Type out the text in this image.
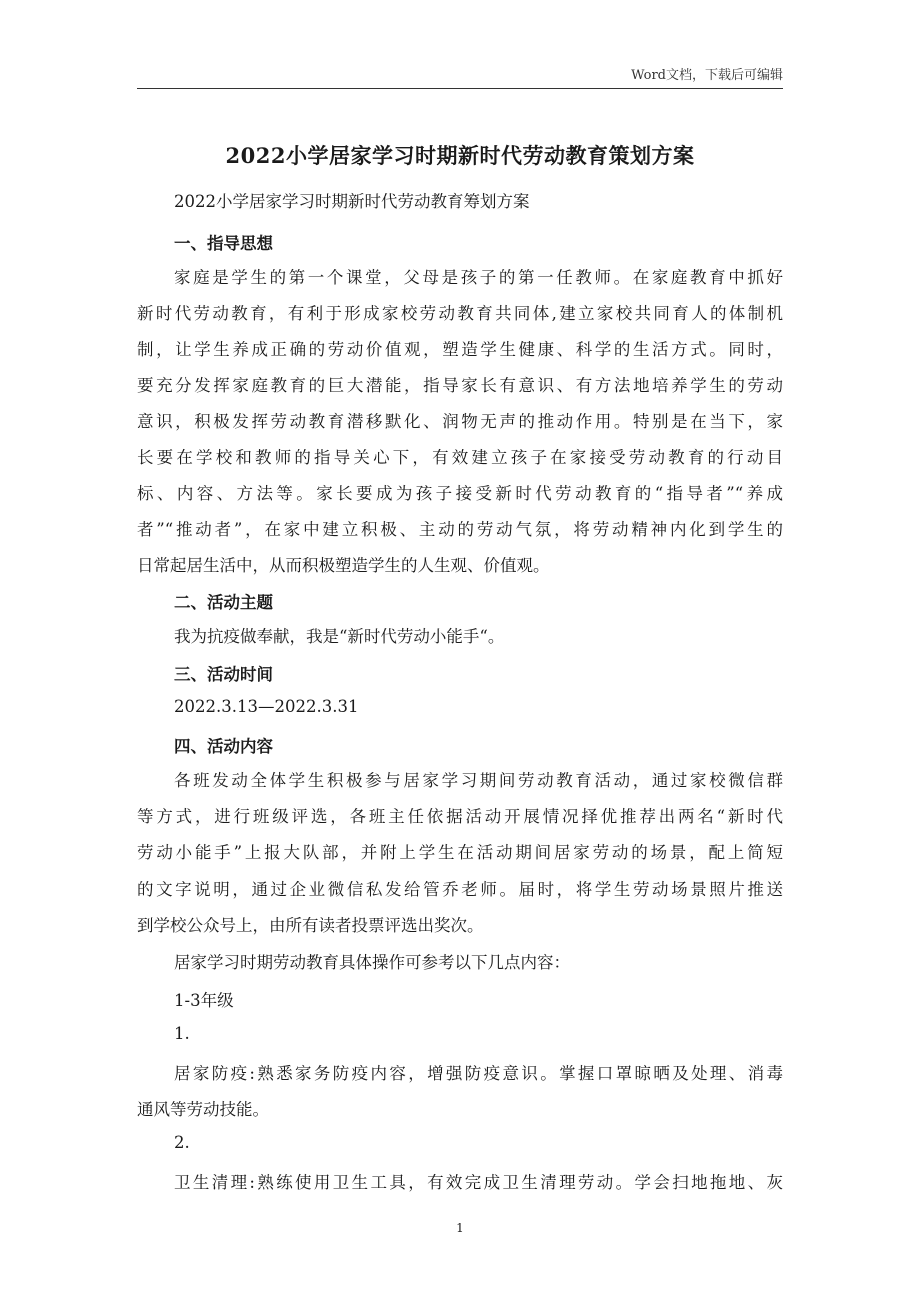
Word文档，下载后可编辑
2022小学居家学习时期新时代劳动教育策划方案
2022小学居家学习时期新时代劳动教育筹划方案
一、指导思想
家庭是学生的第一个课堂，父母是孩子的第一任教师。在家庭教育中抓好
新时代劳动教育，有利于形成家校劳动教育共同体,建立家校共同育人的体制机
制，让学生养成正确的劳动价值观，塑造学生健康、科学的生活方式。同时，
要充分发挥家庭教育的巨大潜能，指导家长有意识、有方法地培养学生的劳动
意识，积极发挥劳动教育潜移默化、润物无声的推动作用。特别是在当下，家
长要在学校和教师的指导关心下，有效建立孩子在家接受劳动教育的行动目
标、内容、方法等。家长要成为孩子接受新时代劳动教育的“指导者”“养成
者”“推动者”，在家中建立积极、主动的劳动气氛，将劳动精神内化到学生的
日常起居生活中，从而积极塑造学生的人生观、价值观。
二、活动主题
我为抗疫做奉献，我是“新时代劳动小能手“。
三、活动时间
2022.3.13—2022.3.31
四、活动内容
各班发动全体学生积极参与居家学习期间劳动教育活动，通过家校微信群
等方式，进行班级评选，各班主任依据活动开展情况择优推荐出两名“新时代
劳动小能手”上报大队部，并附上学生在活动期间居家劳动的场景，配上简短
的文字说明，通过企业微信私发给管乔老师。届时，将学生劳动场景照片推送
到学校公众号上，由所有读者投票评选出奖次。
居家学习时期劳动教育具体操作可参考以下几点内容：
1-3年级
1.
居家防疫:熟悉家务防疫内容，增强防疫意识。掌握口罩晾晒及处理、消毒
通风等劳动技能。
2.
卫生清理:熟练使用卫生工具，有效完成卫生清理劳动。学会扫地拖地、灰
1
